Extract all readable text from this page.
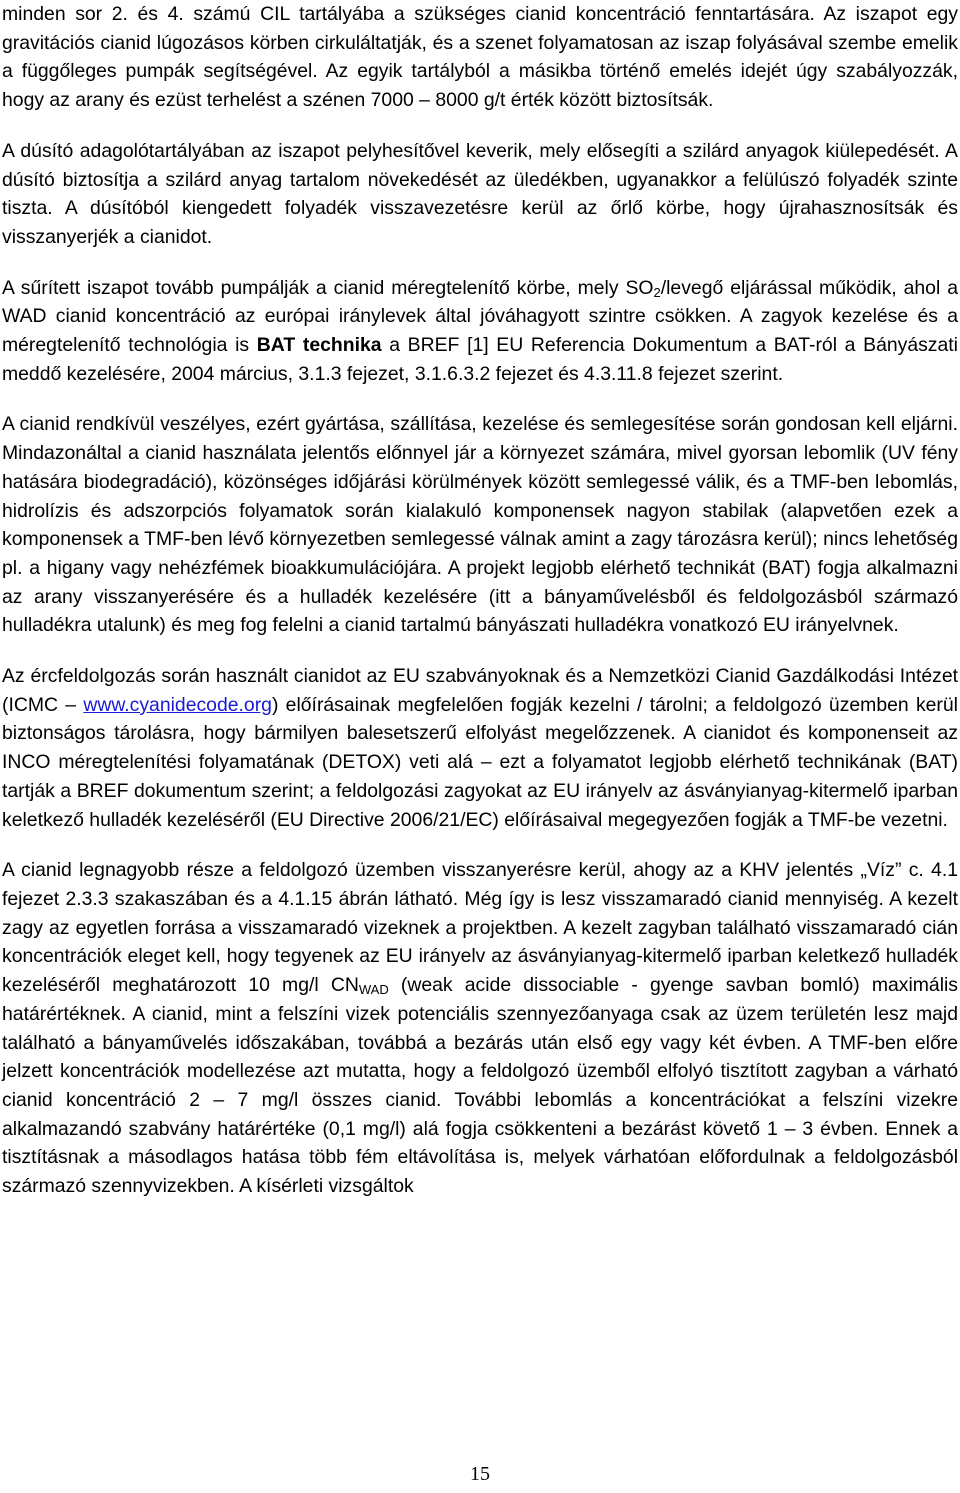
minden sor 2. és 4. számú CIL tartályába a szükséges cianid koncentráció fenntartására. Az iszapot egy gravitációs cianid lúgozásos körben cirkuláltatják, és a szenet folyamatosan az iszap folyásával szembe emelik a függőleges pumpák segítségével. Az egyik tartályból a másikba történő emelés idejét úgy szabályozzák, hogy az arany és ezüst terhelést a szénen 7000 – 8000 g/t érték között biztosítsák.

A dúsító adagolótartályában az iszapot pelyhesítővel keverik, mely elősegíti a szilárd anyagok kiülepedését. A dúsító biztosítja a szilárd anyag tartalom növekedését az üledékben, ugyanakkor a felülúszó folyadék szinte tiszta. A dúsítóból kiengedett folyadék visszavezetésre kerül az őrlő körbe, hogy újrahasznosítsák és visszanyerjék a cianidot.

A sűrített iszapot tovább pumpálják a cianid méregtelenítő körbe, mely $SO_2$/levegő eljárással működik, ahol a WAD cianid koncentráció az európai iránylevek által jóváhagyott szintre csökken. A zagyok kezelése és a méregtelenítő technológia is BAT technika a BREF [1] EU Referencia Dokumentum a BAT-ról a Bányászati meddő kezelésére, 2004 március, 3.1.3 fejezet, 3.1.6.3.2 fejezet és 4.3.11.8 fejezet szerint.

A cianid rendkívül veszélyes, ezért gyártása, szállítása, kezelése és semlegesítése során gondosan kell eljárni. Mindazonáltal a cianid használata jelentős előnnyel jár a környezet számára, mivel gyorsan lebomlik (UV fény hatására biodegradáció), közönséges időjárási körülmények között semlegessé válik, és a TMF-ben lebomlás, hidrolízis és adszorpciós folyamatok során kialakuló komponensek nagyon stabilak (alapvetően ezek a komponensek a TMF-ben lévő környezetben semlegessé válnak amint a zagy tározásra kerül); nincs lehetőség pl. a higany vagy nehézfémek bioakkumulációjára. A projekt legjobb elérhető technikát (BAT) fogja alkalmazni az arany visszanyerésére és a hulladék kezelésére (itt a bányaművelésből és feldolgozásból származó hulladékra utalunk) és meg fog felelni a cianid tartalmú bányászati hulladékra vonatkozó EU irányelvnek.

Az ércfeldolgozás során használt cianidot az EU szabványoknak és a Nemzetközi Cianid Gazdálkodási Intézet (ICMC – www.cyanidecode.org) előírásainak megfelelően fogják kezelni / tárolni; a feldolgozó üzemben kerül biztonságos tárolásra, hogy bármilyen balesetszerű elfolyást megelőzzenek. A cianidot és komponensеit az INCO méregtelenítési folyamatának (DETOX) veti alá – ezt a folyamatot legjobb elérhető technikának (BAT) tartják a BREF dokumentum szerint; a feldolgozási zagyokat az EU irányelv az ásványianyag-kitermelő iparban keletkező hulladék kezeléséről (EU Directive 2006/21/EC) előírásaival megegyezően fogják a TMF-be vezetni.

A cianid legnagyobb része a feldolgozó üzemben visszanyerésre kerül, ahogy az a KHV jelentés „Víz” c. 4.1 fejezet 2.3.3 szakaszában és a 4.1.15 ábrán látható. Még így is lesz visszamaradó cianid mennyiség. A kezelt zagy az egyetlen forrása a visszamaradó vizeknek a projektben. A kezelt zagyban található visszamaradó cián koncentrációk eleget kell, hogy tegyenek az EU irányelv az ásványianyag-kitermelő iparban keletkező hulladék kezeléséről meghatározott 10 mg/l $CN_{WAD}$ (weak acide dissociable - gyenge savban bomló) maximális határértéknek. A cianid, mint a felszíni vizek potenciális szennyezőanyaga csak az üzem területén lesz majd található a bányaművelés időszakában, továbbá a bezárás után első egy vagy két évben. A TMF-ben előre jelzett koncentrációk modellezése azt mutatta, hogy a feldolgozó üzemből elfolyó tisztított zagyban a várható cianid koncentráció 2 – 7 mg/l összes cianid. További lebomlás a koncentrációkat a felszíni vizekre alkalmazandó szabvány határértéke (0,1 mg/l) alá fogja csökkenteni a bezárást követő 1 – 3 évben. Ennek a tisztításnak a másodlagos hatása több fém eltávolítása is, melyek várhatóan előfordulnak a feldolgozásból származó szennyvizekben. A kísérleti vizsgáltok

15
